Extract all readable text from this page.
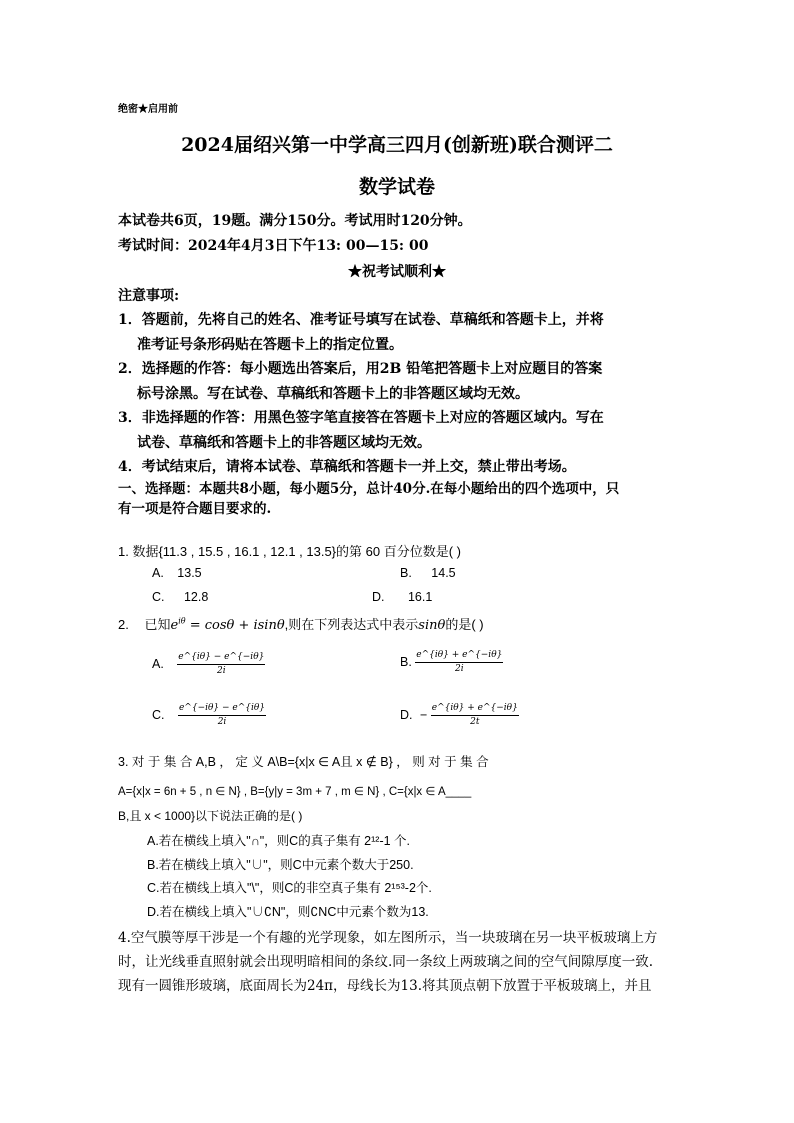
绝密★启用前
2024届绍兴第一中学高三四月(创新班)联合测评二
数学试卷
本试卷共6页，19题。满分150分。考试用时120分钟。
考试时间：2024年4月3日下午13: 00—15: 00
★祝考试顺利★
注意事项:
1．答题前，先将自己的姓名、准考证号填写在试卷、草稿纸和答题卡上，并将
准考证号条形码贴在答题卡上的指定位置。
2．选择题的作答：每小题选出答案后，用2B 铅笔把答题卡上对应题目的答案
标号涂黑。写在试卷、草稿纸和答题卡上的非答题区域均无效。
3．非选择题的作答：用黑色签字笔直接答在答题卡上对应的答题区域内。写在
试卷、草稿纸和答题卡上的非答题区域均无效。
4．考试结束后，请将本试卷、草稿纸和答题卡一并上交，禁止带出考场。
一、选择题：本题共8小题，每小题5分，总计40分.在每小题给出的四个选项中，只
有一项是符合题目要求的.
1. 数据{11.3 , 15.5 , 16.1 , 12.1 , 13.5}的第 60 百分位数是( )
A. 13.5	B. 14.5
C. 12.8	D. 16.1
2. 已知$e^{i\theta} = \cos\theta + isin\theta$,则在下列表达式中表示sinθ的是( )
A. $\frac{e\^{}\{i\theta\} - e\^{}\{-i\theta\}}{2i}$	B. $\frac{e\^{}\{i\theta\} + e\^{}\{-i\theta\}}{2i}$
C. $\frac{e\^{}\{-i\theta\} - e\^{}\{i\theta\}}{2i}$	D. − $\frac{e\^{}\{i\theta\} + e\^{}\{-i\theta\}}{2t}$
3. 对 于 集 合 A,B ， 定 义 A\B={x|x ∈ A且 x ∉ B} ， 则 对 于 集 合
A={x|x = 6n + 5 , n ∈ N} , B={y|y = 3m + 7 , m ∈ N} , C={x|x ∈ A____
B,且 x < 1000}以下说法正确的是( )
A.若在横线上填入"∩"，则C的真子集有 2¹²-1 个.
B.若在横线上填入"∪"，则C中元素个数大于250.
C.若在横线上填入"\"，则C的非空真子集有 2¹⁵³-2个.
D.若在横线上填入"∪∁N"，则∁NC中元素个数为13.
4.空气膜等厚干涉是一个有趣的光学现象，如左图所示，当一块玻璃在另一块平板玻璃上方
时，让光线垂直照射就会出现明暗相间的条纹.同一条纹上两玻璃之间的空气间隙厚度一致.
现有一圆锥形玻璃，底面周长为24π，母线长为13.将其顶点朝下放置于平板玻璃上，并且
